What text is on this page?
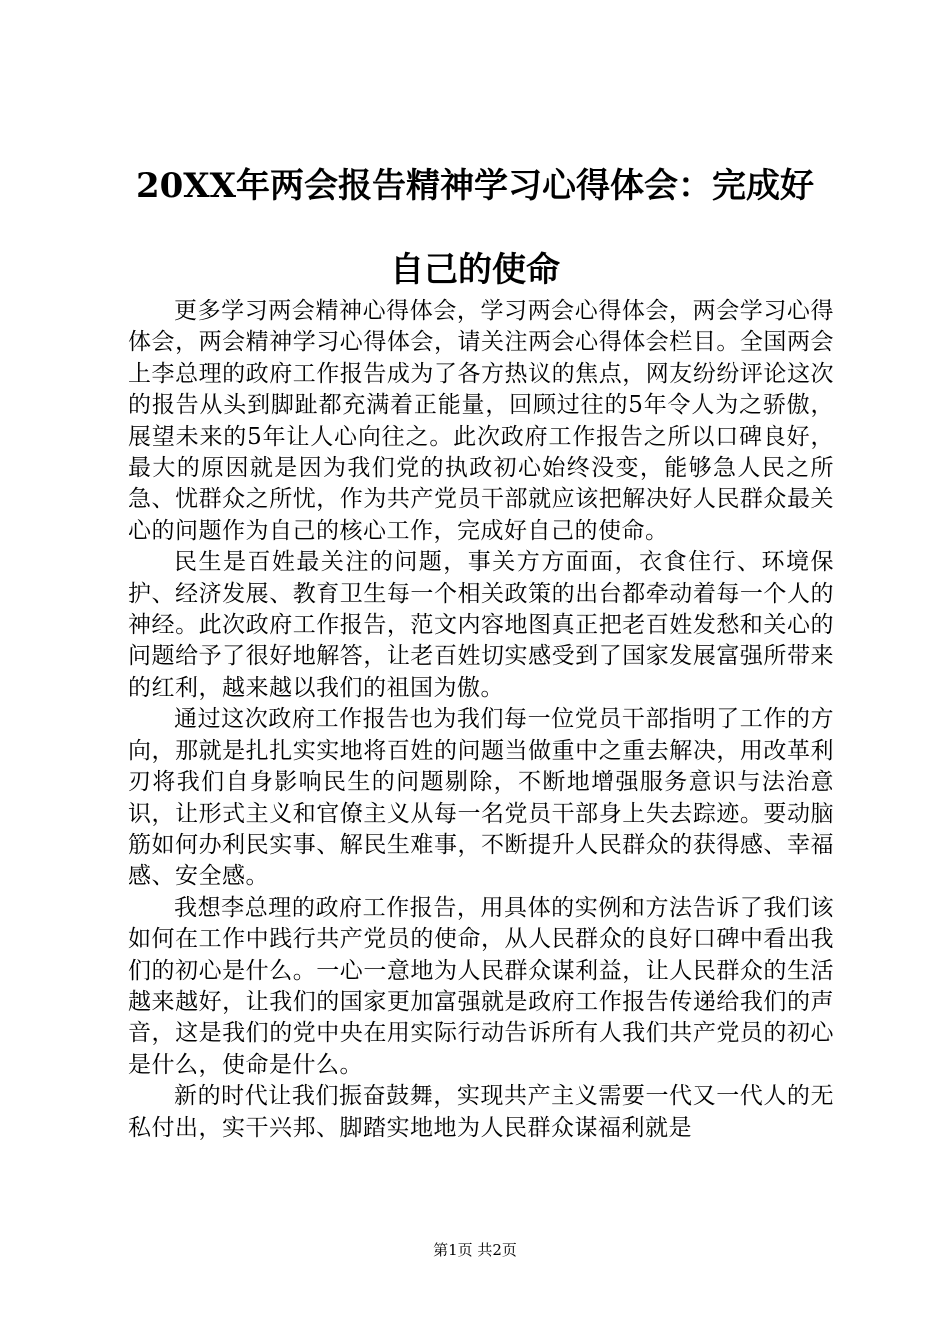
20XX年两会报告精神学习心得体会：完成好
自己的使命

更多学习两会精神心得体会，学习两会心得体会，两会学习心得体会，两会精神学习心得体会，请关注两会心得体会栏目。全国两会上李总理的政府工作报告成为了各方热议的焦点，网友纷纷评论这次的报告从头到脚趾都充满着正能量，回顾过往的5年令人为之骄傲，展望未来的5年让人心向往之。此次政府工作报告之所以口碑良好，最大的原因就是因为我们党的执政初心始终没变，能够急人民之所急、忧群众之所忧，作为共产党员干部就应该把解决好人民群众最关心的问题作为自己的核心工作，完成好自己的使命。

民生是百姓最关注的问题，事关方方面面，衣食住行、环境保护、经济发展、教育卫生每一个相关政策的出台都牵动着每一个人的神经。此次政府工作报告，范文内容地图真正把老百姓发愁和关心的问题给予了很好地解答，让老百姓切实感受到了国家发展富强所带来的红利，越来越以我们的祖国为傲。

通过这次政府工作报告也为我们每一位党员干部指明了工作的方向，那就是扎扎实实地将百姓的问题当做重中之重去解决，用改革利刃将我们自身影响民生的问题剔除，不断地增强服务意识与法治意识，让形式主义和官僚主义从每一名党员干部身上失去踪迹。要动脑筋如何办利民实事、解民生难事，不断提升人民群众的获得感、幸福感、安全感。

我想李总理的政府工作报告，用具体的实例和方法告诉了我们该如何在工作中践行共产党员的使命，从人民群众的良好口碑中看出我们的初心是什么。一心一意地为人民群众谋利益，让人民群众的生活越来越好，让我们的国家更加富强就是政府工作报告传递给我们的声音，这是我们的党中央在用实际行动告诉所有人我们共产党员的初心是什么，使命是什么。

新的时代让我们振奋鼓舞，实现共产主义需要一代又一代人的无私付出，实干兴邦、脚踏实地地为人民群众谋福利就是

第1页 共2页
